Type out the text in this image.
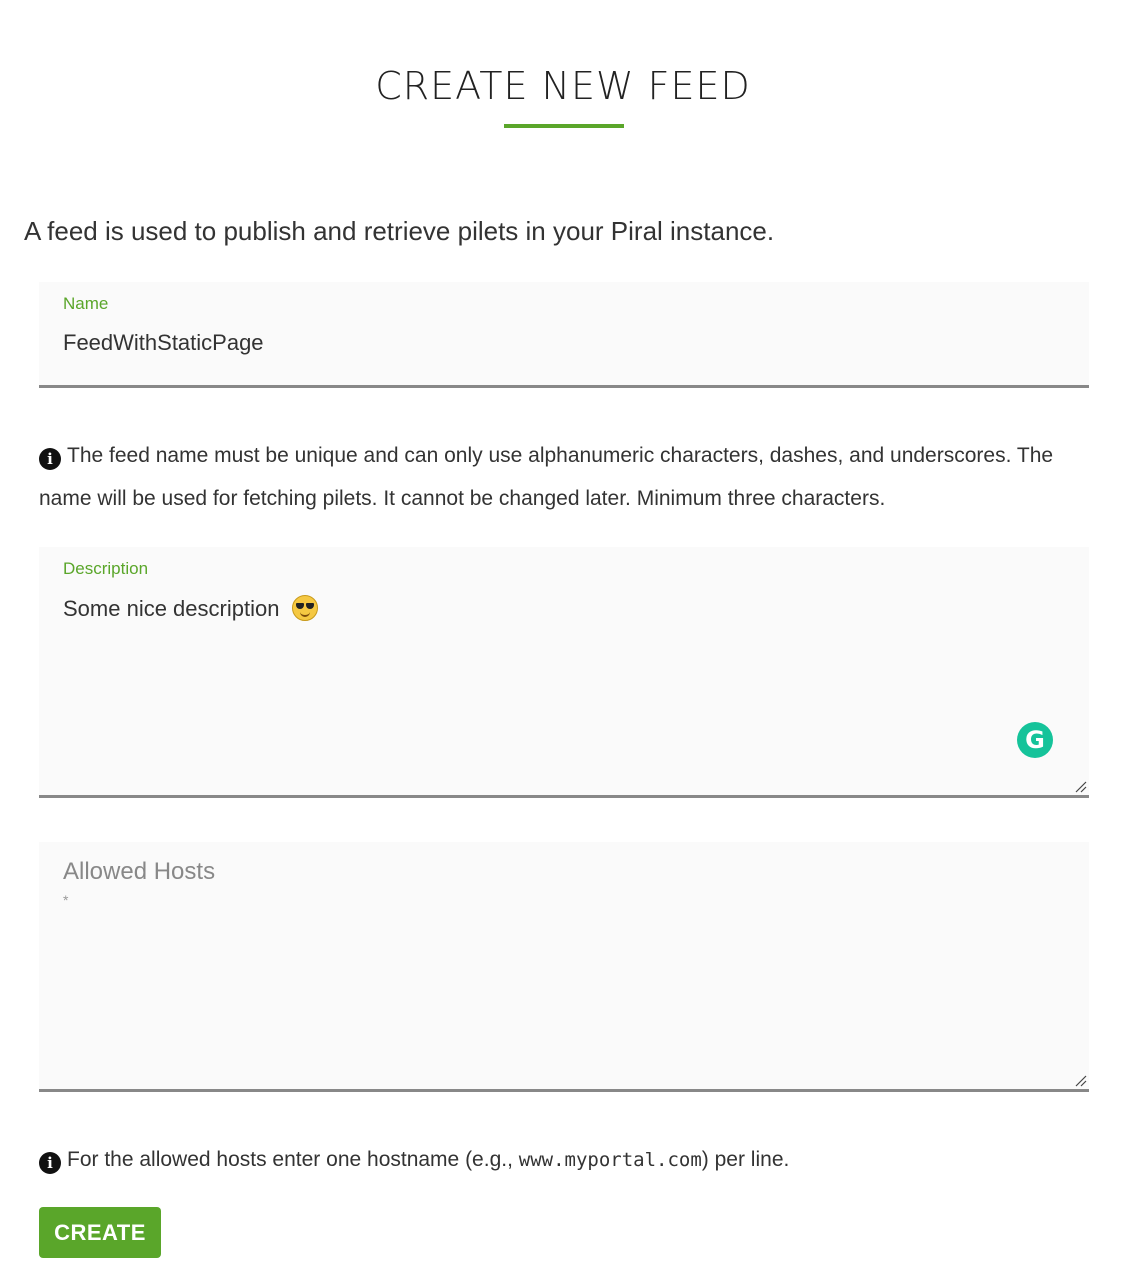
CREATE NEW FEED

A feed is used to publish and retrieve pilets in your Piral instance.

Name
FeedWithStaticPage

i The feed name must be unique and can only use alphanumeric characters, dashes, and underscores. The name will be used for fetching pilets. It cannot be changed later. Minimum three characters.

Description
Some nice description
G
Allowed Hosts
*

i For the allowed hosts enter one hostname (e.g., www.myportal.com) per line.

CREATE
